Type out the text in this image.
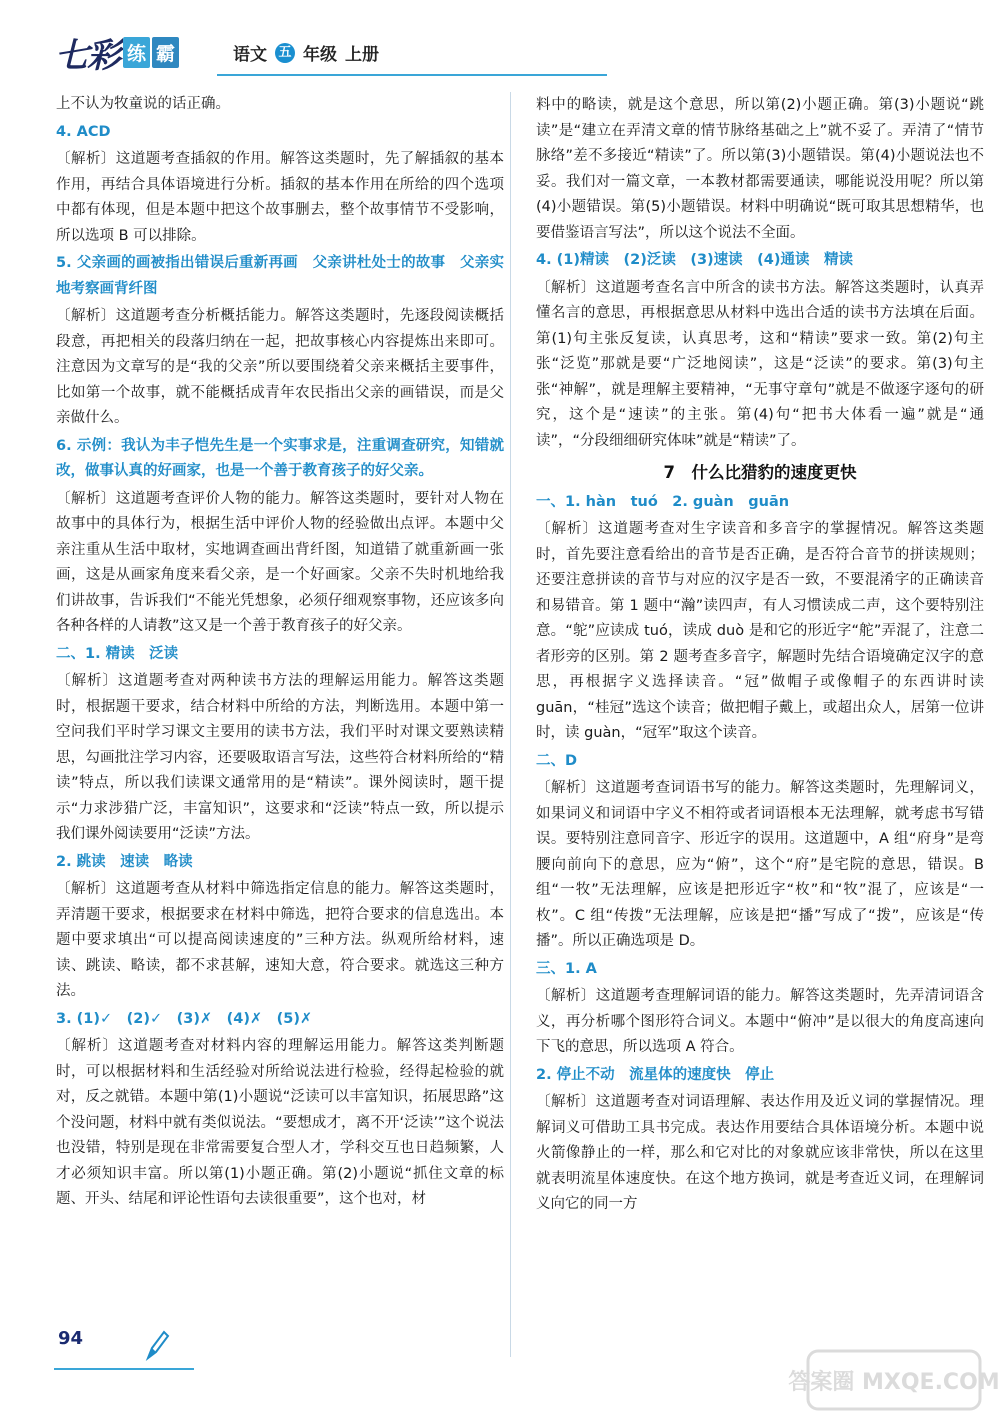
七彩 练 霸	语文 五 年级 上册

上不认为牧童说的话正确。

4. ACD

〔解析〕这道题考查插叙的作用。解答这类题时，先了解插叙的基本作用，再结合具体语境进行分析。插叙的基本作用在所给的四个选项中都有体现，但是本题中把这个故事删去，整个故事情节不受影响，所以选项 B 可以排除。

5. 父亲画的画被指出错误后重新再画　父亲讲杜处士的故事　父亲实地考察画背纤图

〔解析〕这道题考查分析概括能力。解答这类题时，先逐段阅读概括段意，再把相关的段落归纳在一起，把故事核心内容提炼出来即可。注意因为文章写的是“我的父亲”所以要围绕着父亲来概括主要事件，比如第一个故事，就不能概括成青年农民指出父亲的画错误，而是父亲做什么。

6. 示例：我认为丰子恺先生是一个实事求是，注重调查研究，知错就改，做事认真的好画家，也是一个善于教育孩子的好父亲。

〔解析〕这道题考查评价人物的能力。解答这类题时，要针对人物在故事中的具体行为，根据生活中评价人物的经验做出点评。本题中父亲注重从生活中取材，实地调查画出背纤图，知道错了就重新画一张画，这是从画家角度来看父亲，是一个好画家。父亲不失时机地给我们讲故事，告诉我们“不能光凭想象，必须仔细观察事物，还应该多向各种各样的人请教”这又是一个善于教育孩子的好父亲。

二、1. 精读　泛读

〔解析〕这道题考查对两种读书方法的理解运用能力。解答这类题时，根据题干要求，结合材料中所给的方法，判断选用。本题中第一空问我们平时学习课文主要用的读书方法，我们平时对课文要熟读精思，勾画批注学习内容，还要吸取语言写法，这些符合材料所给的“精读”特点，所以我们读课文通常用的是“精读”。课外阅读时，题干提示“力求涉猎广泛，丰富知识”，这要求和“泛读”特点一致，所以提示我们课外阅读要用“泛读”方法。

2. 跳读　速读　略读

〔解析〕这道题考查从材料中筛选指定信息的能力。解答这类题时，弄清题干要求，根据要求在材料中筛选，把符合要求的信息选出。本题中要求填出“可以提高阅读速度的”三种方法。纵观所给材料，速读、跳读、略读，都不求甚解，速知大意，符合要求。就选这三种方法。

3. (1)✓　(2)✓　(3)✗　(4)✗　(5)✗

〔解析〕这道题考查对材料内容的理解运用能力。解答这类判断题时，可以根据材料和生活经验对所给说法进行检验，经得起检验的就对，反之就错。本题中第(1)小题说“泛读可以丰富知识，拓展思路”这个没问题，材料中就有类似说法。“要想成才，离不开‘泛读’”这个说法也没错，特别是现在非常需要复合型人才，学科交互也日趋频繁，人才必须知识丰富。所以第(1)小题正确。第(2)小题说“抓住文章的标题、开头、结尾和评论性语句去读很重要”，这个也对，材

料中的略读，就是这个意思，所以第(2)小题正确。第(3)小题说“跳读”是“建立在弄清文章的情节脉络基础之上”就不妥了。弄清了“情节脉络”差不多接近“精读”了。所以第(3)小题错误。第(4)小题说法也不妥。我们对一篇文章，一本教材都需要通读，哪能说没用呢？所以第(4)小题错误。第(5)小题错误。材料中明确说“既可取其思想精华，也要借鉴语言写法”，所以这个说法不全面。

4. (1)精读　(2)泛读　(3)速读　(4)通读　精读

〔解析〕这道题考查名言中所含的读书方法。解答这类题时，认真弄懂名言的意思，再根据意思从材料中选出合适的读书方法填在后面。第(1)句主张反复读，认真思考，这和“精读”要求一致。第(2)句主张“泛览”那就是要“广泛地阅读”，这是“泛读”的要求。第(3)句主张“神解”，就是理解主要精神，“无事守章句”就是不做逐字逐句的研究，这个是“速读”的主张。第(4)句“把书大体看一遍”就是“通读”，“分段细细研究体味”就是“精读”了。

7　什么比猎豹的速度更快

一、1. hàn　tuó　2. guàn　guān

〔解析〕这道题考查对生字读音和多音字的掌握情况。解答这类题时，首先要注意看给出的音节是否正确，是否符合音节的拼读规则；还要注意拼读的音节与对应的汉字是否一致，不要混淆字的正确读音和易错音。第 1 题中“瀚”读四声，有人习惯读成二声，这个要特别注意。“鸵”应读成 tuó，读成 duò 是和它的形近字“舵”弄混了，注意二者形旁的区别。第 2 题考查多音字，解题时先结合语境确定汉字的意思，再根据字义选择读音。“冠”做帽子或像帽子的东西讲时读 guān，“桂冠”选这个读音；做把帽子戴上，或超出众人，居第一位讲时，读 guàn，“冠军”取这个读音。

二、D

〔解析〕这道题考查词语书写的能力。解答这类题时，先理解词义，如果词义和词语中字义不相符或者词语根本无法理解，就考虑书写错误。要特别注意同音字、形近字的误用。这道题中，A 组“府身”是弯腰向前向下的意思，应为“俯”，这个“府”是宅院的意思，错误。B 组“一牧”无法理解，应该是把形近字“枚”和“牧”混了，应该是“一枚”。C 组“传拨”无法理解，应该是把“播”写成了“拨”，应该是“传播”。所以正确选项是 D。

三、1. A

〔解析〕这道题考查理解词语的能力。解答这类题时，先弄清词语含义，再分析哪个图形符合词义。本题中“俯冲”是以很大的角度高速向下飞的意思，所以选项 A 符合。

2. 停止不动　流星体的速度快　停止

〔解析〕这道题考查对词语理解、表达作用及近义词的掌握情况。理解词义可借助工具书完成。表达作用要结合具体语境分析。本题中说火箭像静止的一样，那么和它对比的对象就应该非常快，所以在这里就表明流星体速度快。在这个地方换词，就是考查近义词，在理解词义向它的同一方

94
答案圈 MXQE.COM
